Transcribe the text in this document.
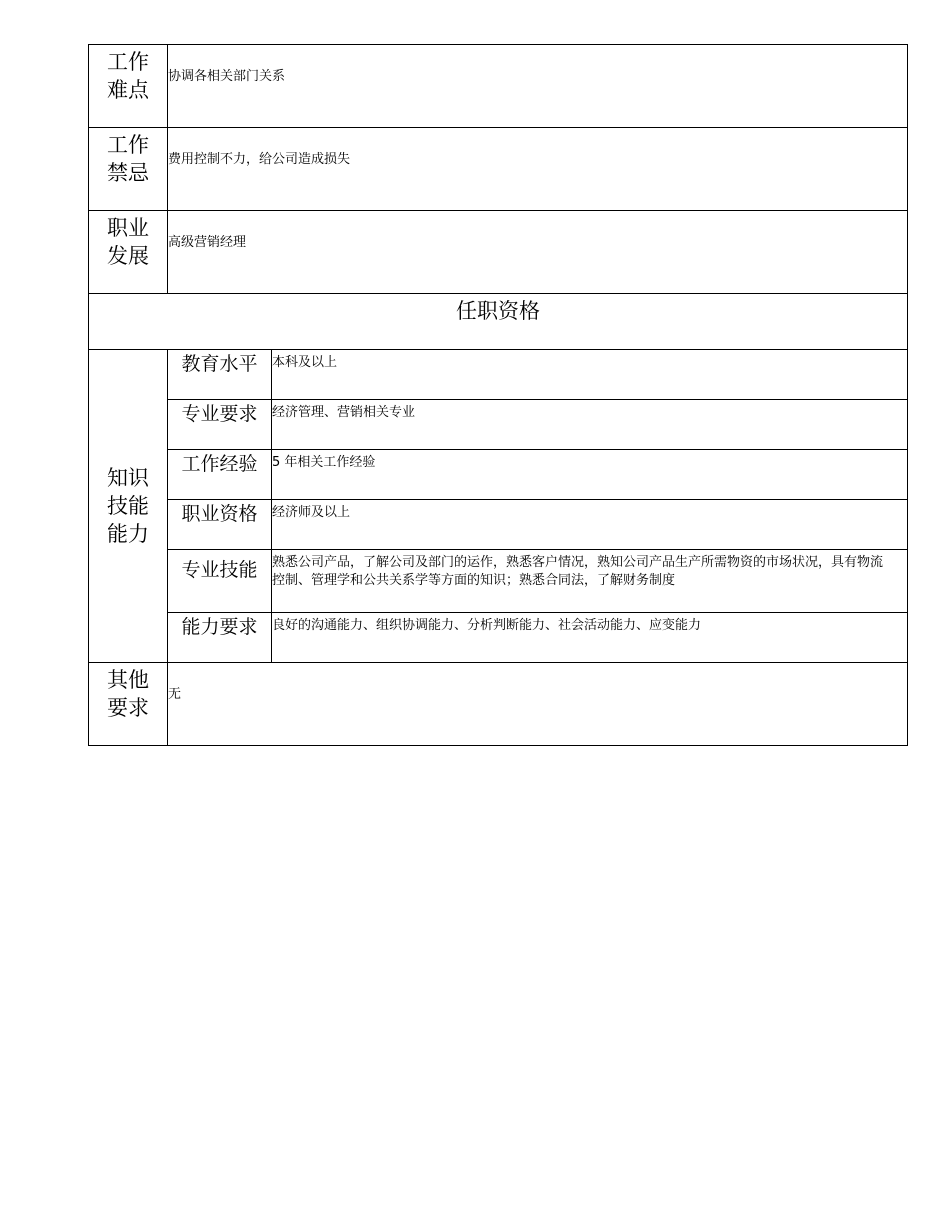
工作
难点	协调各相关部门关系	

工作
禁忌	费用控制不力，给公司造成损失	

职业
发展	高级营销经理	
任职资格		

知识
技能
能力	教育水平	本科及以上
	专业要求	经济管理、营销相关专业
	工作经验	5 年相关工作经验
	职业资格	经济师及以上
	专业技能	熟悉公司产品，了解公司及部门的运作，熟悉客户情况，熟知公司产品生产所需物资的市场状况，具有物流控制、管理学和公共关系学等方面的知识；熟悉合同法，了解财务制度
	能力要求	良好的沟通能力、组织协调能力、分析判断能力、社会活动能力、应变能力

其他
要求	无	
